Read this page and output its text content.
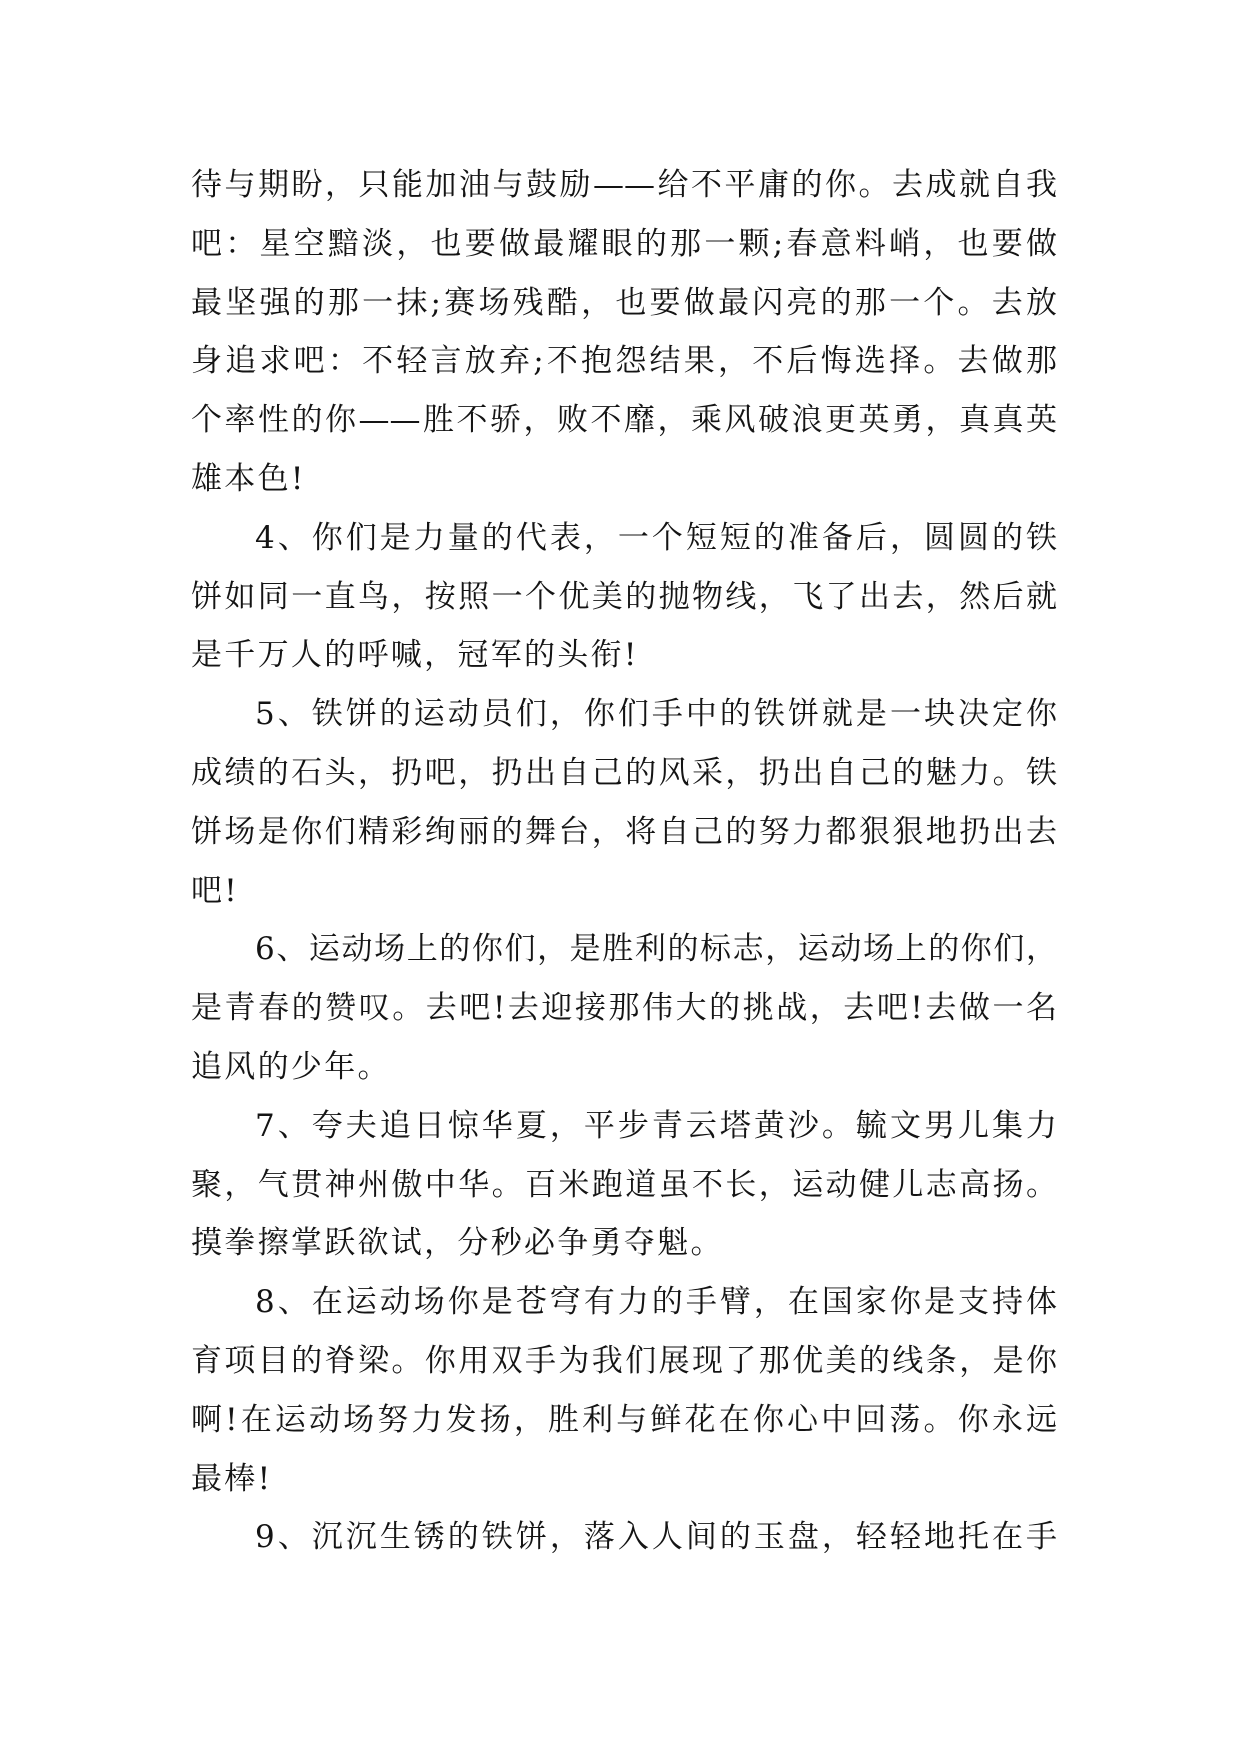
待与期盼，只能加油与鼓励——给不平庸的你。去成就自我
吧：星空黯淡，也要做最耀眼的那一颗;春意料峭，也要做
最坚强的那一抹;赛场残酷，也要做最闪亮的那一个。去放
身追求吧：不轻言放弃;不抱怨结果，不后悔选择。去做那
个率性的你——胜不骄，败不靡，乘风破浪更英勇，真真英
雄本色!
4、你们是力量的代表，一个短短的准备后，圆圆的铁
饼如同一直鸟，按照一个优美的抛物线，飞了出去，然后就
是千万人的呼喊，冠军的头衔!
5、铁饼的运动员们，你们手中的铁饼就是一块决定你
成绩的石头，扔吧，扔出自己的风采，扔出自己的魅力。铁
饼场是你们精彩绚丽的舞台，将自己的努力都狠狠地扔出去
吧!
6、运动场上的你们，是胜利的标志，运动场上的你们，
是青春的赞叹。去吧!去迎接那伟大的挑战，去吧!去做一名
追风的少年。
7、夸夫追日惊华夏，平步青云塔黄沙。毓文男儿集力
聚，气贯神州傲中华。百米跑道虽不长，运动健儿志高扬。
摸拳擦掌跃欲试，分秒必争勇夺魁。
8、在运动场你是苍穹有力的手臂，在国家你是支持体
育项目的脊梁。你用双手为我们展现了那优美的线条，是你
啊!在运动场努力发扬，胜利与鲜花在你心中回荡。你永远
最棒!
9、沉沉生锈的铁饼，落入人间的玉盘，轻轻地托在手
